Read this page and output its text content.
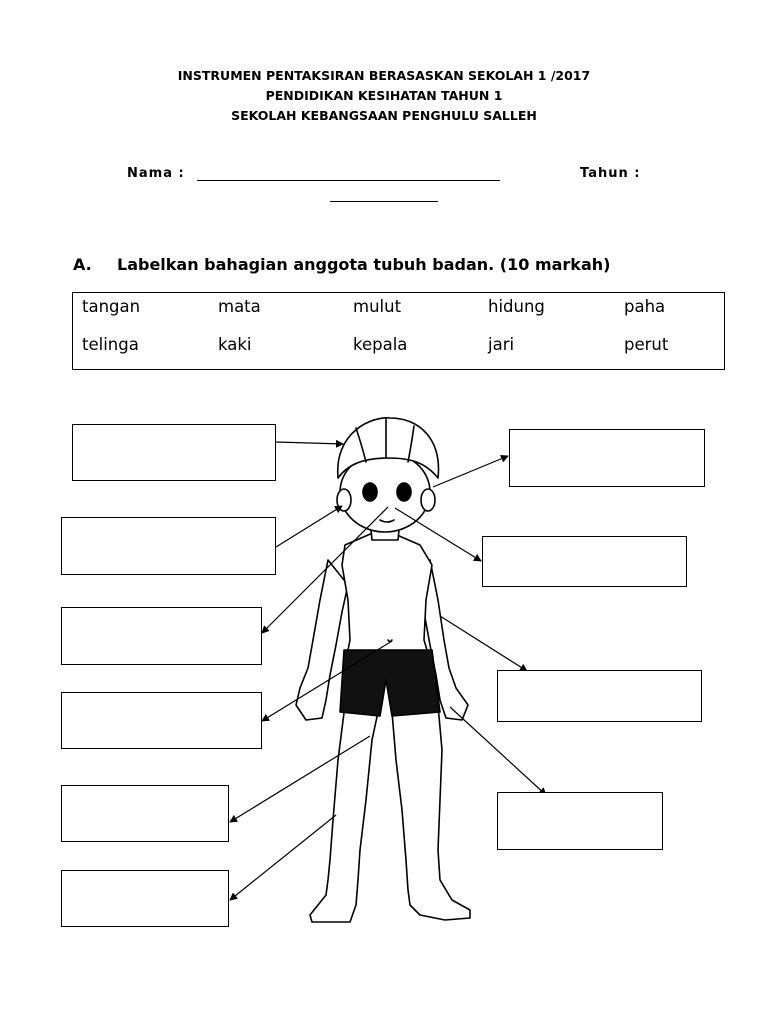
INSTRUMEN PENTAKSIRAN BERASASKAN SEKOLAH 1 /2017
PENDIDIKAN KESIHATAN TAHUN 1
SEKOLAH KEBANGSAAN PENGHULU SALLEH
Nama :	Tahun :
A. Labelkan bahagian anggota tubuh badan. (10 markah)
tangan	mata	mulut	hidung	paha
telinga	kaki	kepala	jari	perut
